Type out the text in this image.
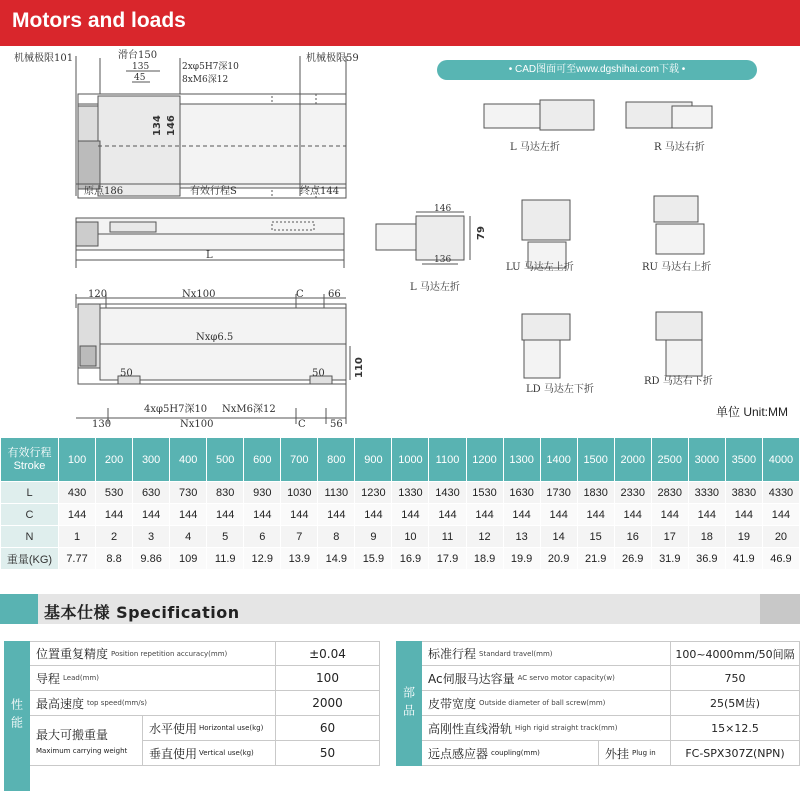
Motors and loads
机械极限101	滑台150
135
45
2xφ5H7深10
8xM6深12
134 146
机械极限59
原点186	有效行程S	终点144
L
146
136
79
L 马达左折
120	Nx100	C 66
Nxφ6.5
50	50	110
4xφ5H7深10 NxM6深12
130	Nx100	C 56
L 马达左折	R 马达右折
LU 马达左上折	RU 马达右上折
LD 马达左下折
RD 马达右下折
• CAD图面可至www.dgshihai.com下载 •
单位 Unit:MM
有效行程
Stroke	100	200	300	400	500	600	700	800	900	1000	1100	1200	1300	1400	1500	2000	2500	3000	3500	4000
L	430	530	630	730	830	930	1030	1130	1230	1330	1430	1530	1630	1730	1830	2330	2830	3330	3830	4330
C	144	144	144	144	144	144	144	144	144	144	144	144	144	144	144	144	144	144	144	144
N	1	2	3	4	5	6	7	8	9	10	11	12	13	14	15	16	17	18	19	20
重量(KG)	7.77	8.8	9.86	109	11.9	12.9	13.9	14.9	15.9	16.9	17.9	18.9	19.9	20.9	21.9	26.9	31.9	36.9	41.9	46.9
基本仕様 Specification
性能
位置重复精度 Position repetition accuracy(mm)	±0.04
导程 Lead(mm)	100
最高速度 top speed(mm/s)	2000
最大可搬重量
Maximum carrying weight
水平使用 Horizontal use(kg)	60
垂直使用 Vertical use(kg)	50
部品
标准行程 Standard travel(mm)	100~4000mm/50间隔
Ac伺服马达容量 AC servo motor capacity(w)	750
皮带宽度 Outside diameter of ball screw(mm)	25(5M齿)
高刚性直线滑轨 High rigid straight track(mm)	15×12.5
远点感应器 coupling(mm)	外挂 Plug in	FC-SPX307Z(NPN)
